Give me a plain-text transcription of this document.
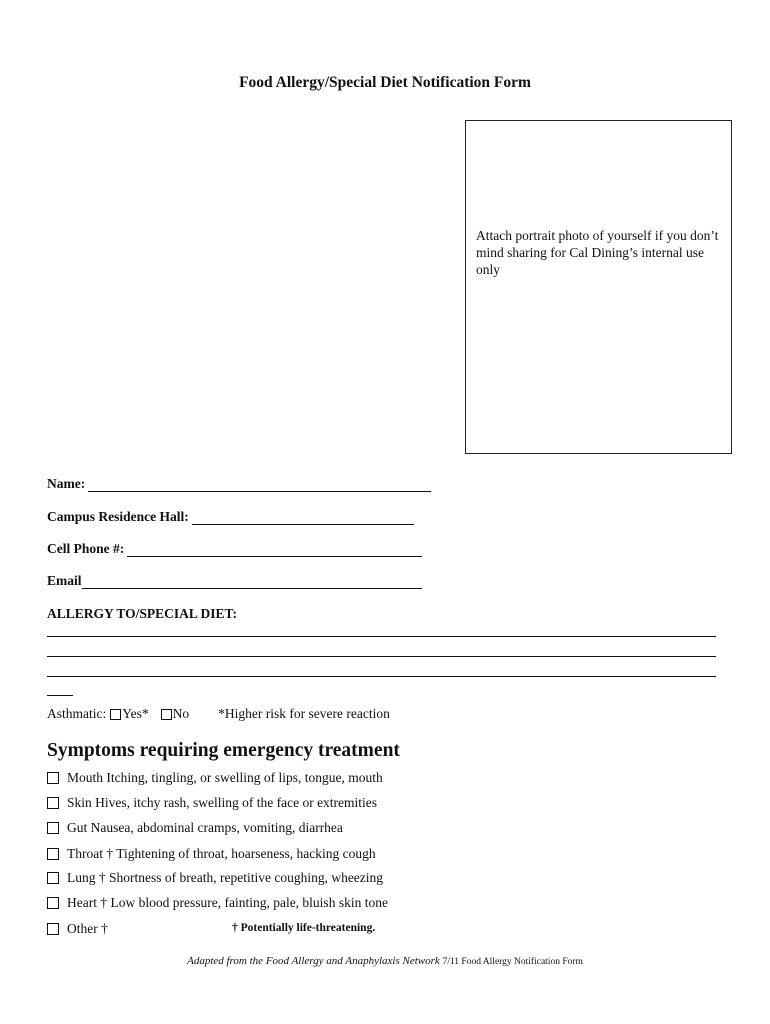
Food Allergy/Special Diet Notification Form
Attach portrait photo of yourself if you don’t mind sharing for Cal Dining’s internal use only
Name:
Campus Residence Hall:
Cell Phone #:
Email
ALLERGY TO/SPECIAL DIET:
Asthmatic: Yes* No *Higher risk for severe reaction
Symptoms requiring emergency treatment
Mouth Itching, tingling, or swelling of lips, tongue, mouth
Skin Hives, itchy rash, swelling of the face or extremities
Gut Nausea, abdominal cramps, vomiting, diarrhea
Throat † Tightening of throat, hoarseness, hacking cough
Lung † Shortness of breath, repetitive coughing, wheezing
Heart † Low blood pressure, fainting, pale, bluish skin tone
Other †	† Potentially life-threatening.
Adapted from the Food Allergy and Anaphylaxis Network 7/11 Food Allergy Notification Form
